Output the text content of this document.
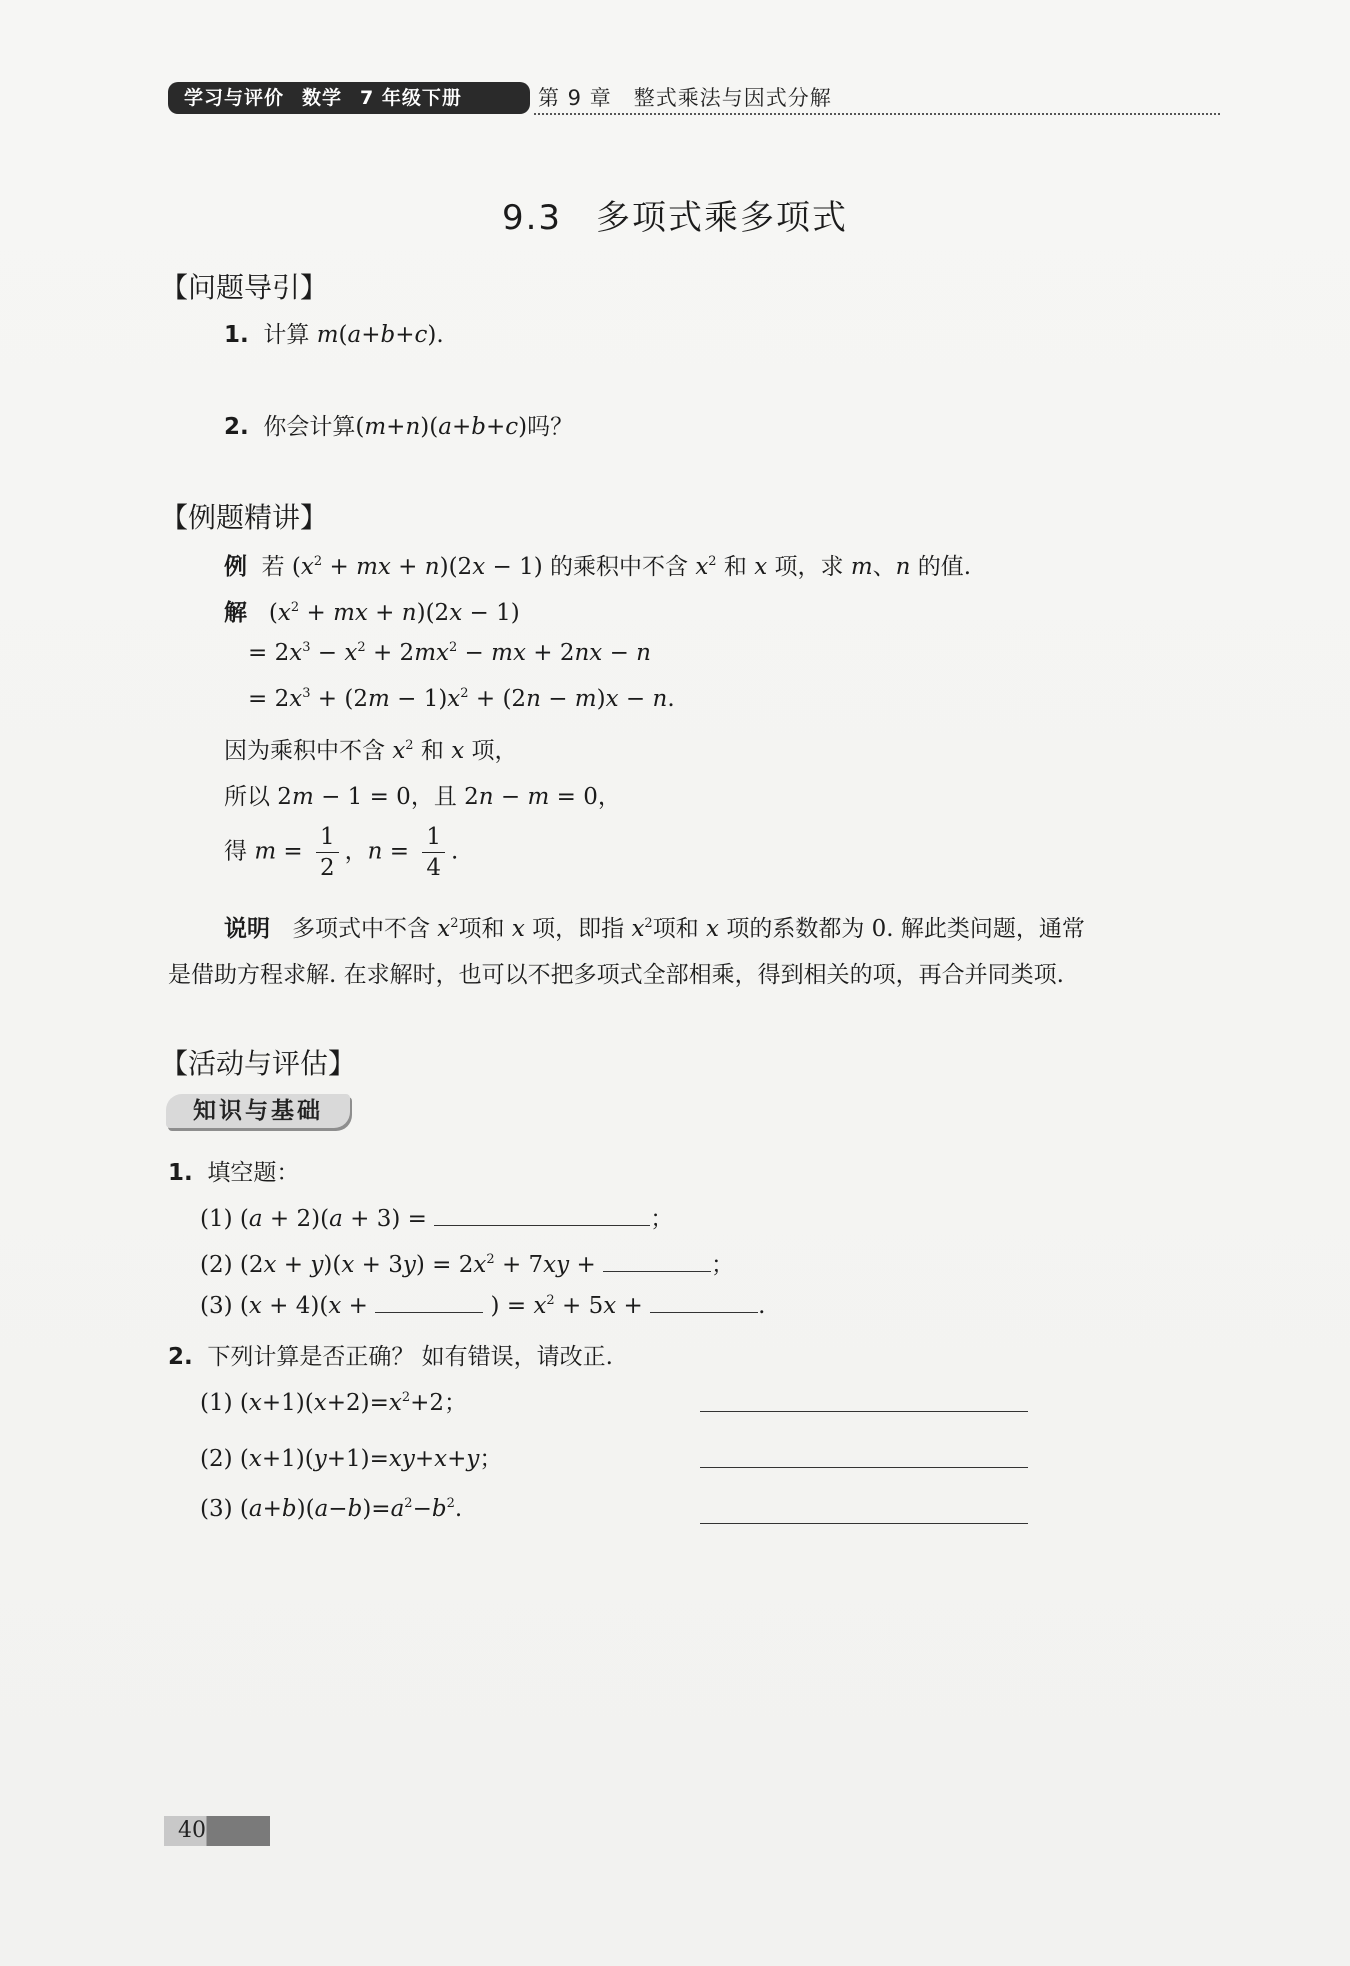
学习与评价 数学 7 年级下册	第 9 章 整式乘法与因式分解
9.3 多项式乘多项式
【问题导引】
1. 计算 m(a+b+c).
2. 你会计算(m+n)(a+b+c)吗？
【例题精讲】
例 若 ($x^2$ + mx + n)(2x − 1) 的乘积中不含 $x^2$ 和 x 项，求 m、n 的值.
解   ($x^2$ + mx + n)(2x − 1)
= $2x^3 - x^2 + 2mx^2$ − mx + 2nx − n
= $2x^3 + (2m - 1)x^2 + (2n - m)x - n$.
因为乘积中不含 $x^2$ 和 x 项，
所以 2m − 1 = 0，且 2n − m = 0，
得 $m = \frac{1}{2}$ ，$n = \frac{1}{4}$ .
说明 多项式中不含 $x^2$项和 x 项，即指 $x^2$项和 x 项的系数都为 0. 解此类问题，通常
是借助方程求解. 在求解时，也可以不把多项式全部相乘，得到相关的项，再合并同类项.
【活动与评估】
知识与基础
1. 填空题：
(1) (a + 2)(a + 3) =	；
(2) $(2x + y)(x + 3y) = 2x^2 + 7xy$ +	；
(3) (x + 4)(x +	) = $x^2 + 5x$ +	.
2. 下列计算是否正确？ 如有错误，请改正.
(1) $(x+1)(x+2)=x^2+2$；
(2) (x+1)(y+1)=xy+x+y；
(3) $(a+b)(a-b)=a^2-b^2$.
40
